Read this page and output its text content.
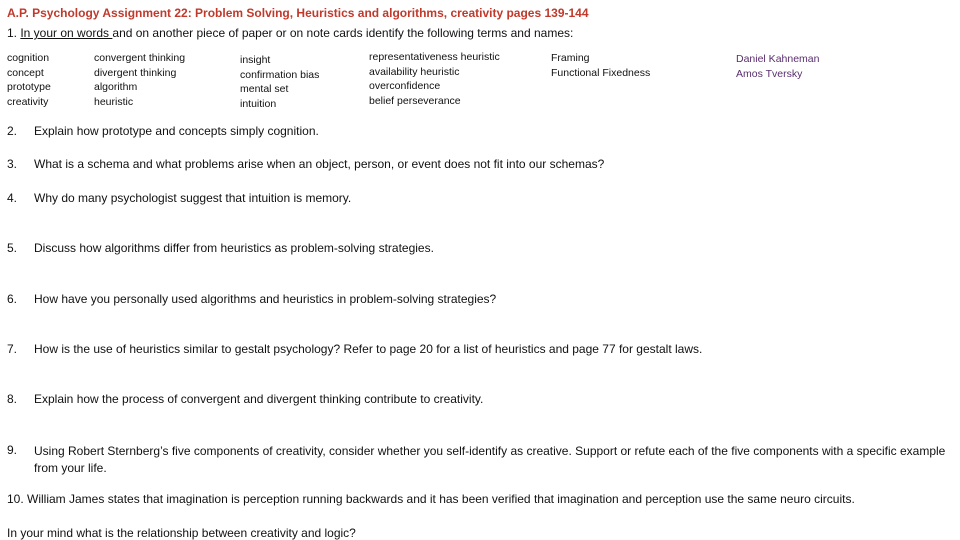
A.P. Psychology Assignment 22: Problem Solving, Heuristics and algorithms, creativity pages 139-144
1. In your on words and on another piece of paper or on note cards identify the following terms and names:
cognition
concept
prototype
creativity
convergent thinking
divergent thinking
algorithm
heuristic
insight
confirmation bias
mental set
intuition
representativeness heuristic
availability heuristic
overconfidence
belief perseverance
Framing
Functional Fixedness
Daniel Kahneman
Amos Tversky
2. Explain how prototype and concepts simply cognition.
3. What is a schema and what problems arise when an object, person, or event does not fit into our schemas?
4. Why do many psychologist suggest that intuition is memory.
5. Discuss how algorithms differ from heuristics as problem-solving strategies.
6. How have you personally used algorithms and heuristics in problem-solving strategies?
7. How is the use of heuristics similar to gestalt psychology? Refer to page 20 for a list of heuristics and page 77 for gestalt laws.
8. Explain how the process of convergent and divergent thinking contribute to creativity.
9. Using Robert Sternberg’s five components of creativity, consider whether you self-identify as creative. Support or refute each of the five components with a specific example from your life.
10. William James states that imagination is perception running backwards and it has been verified that imagination and perception use the same neuro circuits.
In your mind what is the relationship between creativity and logic?
